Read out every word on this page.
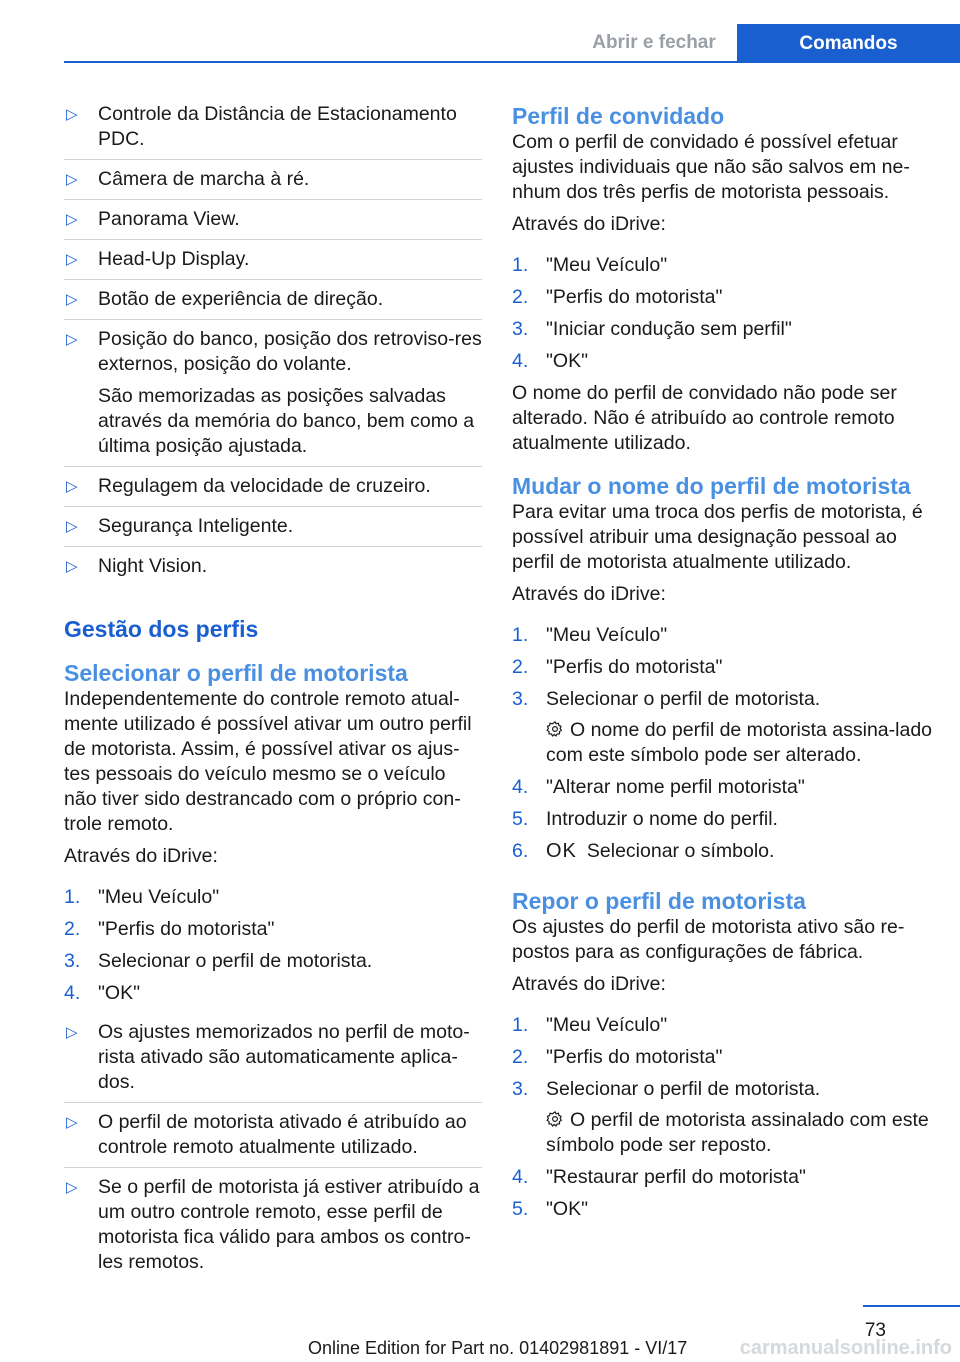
Abrir e fechar	Comandos
▷ Controle da Distância de Estacionamento PDC.
▷ Câmera de marcha à ré.
▷ Panorama View.
▷ Head-Up Display.
▷ Botão de experiência de direção.
▷ Posição do banco, posição dos retroviso-res externos, posição do volante.

São memorizadas as posições salvadas através da memória do banco, bem como a última posição ajustada.

▷ Regulagem da velocidade de cruzeiro.
▷ Segurança Inteligente.
▷ Night Vision.
Gestão dos perfis
Selecionar o perfil de motorista

Independentemente do controle remoto atual-mente utilizado é possível ativar um outro perfil de motorista. Assim, é possível ativar os ajus-tes pessoais do veículo mesmo se o veículo não tiver sido destrancado com o próprio con-trole remoto.

Através do iDrive:

1. "Meu Veículo"
2. "Perfis do motorista"
3. Selecionar o perfil de motorista.
4. "OK"
▷ Os ajustes memorizados no perfil de moto-rista ativado são automaticamente aplica-dos.
▷ O perfil de motorista ativado é atribuído ao controle remoto atualmente utilizado.
▷ Se o perfil de motorista já estiver atribuído a um outro controle remoto, esse perfil de motorista fica válido para ambos os contro-les remotos.
Perfil de convidado

Com o perfil de convidado é possível efetuar ajustes individuais que não são salvos em ne-nhum dos três perfis de motorista pessoais.

Através do iDrive:

1. "Meu Veículo"
2. "Perfis do motorista"
3. "Iniciar condução sem perfil"
4. "OK"

O nome do perfil de convidado não pode ser alterado. Não é atribuído ao controle remoto atualmente utilizado.

Mudar o nome do perfil de motorista

Para evitar uma troca dos perfis de motorista, é possível atribuir uma designação pessoal ao perfil de motorista atualmente utilizado.

Através do iDrive:

1. "Meu Veículo"
2. "Perfis do motorista"
3. Selecionar o perfil de motorista.

O nome do perfil de motorista assina-lado com este símbolo pode ser alterado.

4. "Alterar nome perfil motorista"
5. Introduzir o nome do perfil.
6. OK Selecionar o símbolo.
Repor o perfil de motorista

Os ajustes do perfil de motorista ativo são re-postos para as configurações de fábrica.

Através do iDrive:

1. "Meu Veículo"
2. "Perfis do motorista"
3. Selecionar o perfil de motorista.

O perfil de motorista assinalado com este símbolo pode ser reposto.

4. "Restaurar perfil do motorista"
5. "OK"
73
Online Edition for Part no. 01402981891 - VI/17	carmanualsonline.info
